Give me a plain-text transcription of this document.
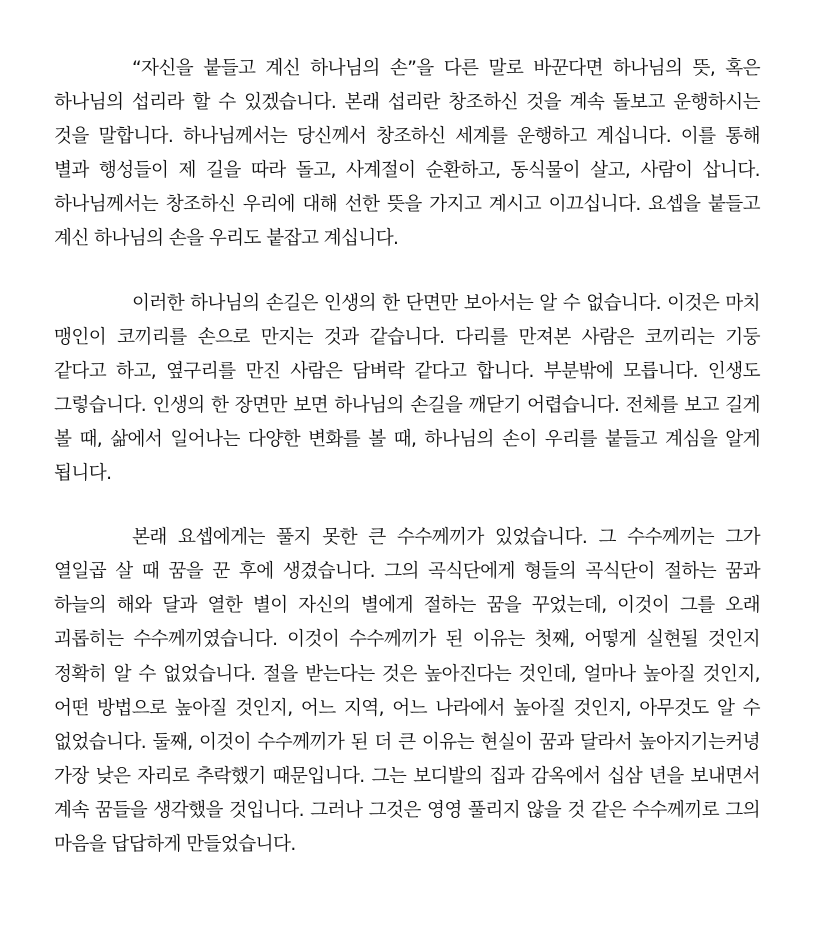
“자신을 붙들고 계신 하나님의 손”을 다른 말로 바꾼다면 하나님의 뜻, 혹은 하나님의 섭리라 할 수 있겠습니다. 본래 섭리란 창조하신 것을 계속 돌보고 운행하시는 것을 말합니다. 하나님께서는 당신께서 창조하신 세계를 운행하고 계십니다. 이를 통해 별과 행성들이 제 길을 따라 돌고, 사계절이 순환하고, 동식물이 살고, 사람이 삽니다. 하나님께서는 창조하신 우리에 대해 선한 뜻을 가지고 계시고 이끄십니다. 요셉을 붙들고 계신 하나님의 손을 우리도 붙잡고 계십니다.

이러한 하나님의 손길은 인생의 한 단면만 보아서는 알 수 없습니다. 이것은 마치 맹인이 코끼리를 손으로 만지는 것과 같습니다. 다리를 만져본 사람은 코끼리는 기둥 같다고 하고, 옆구리를 만진 사람은 담벼락 같다고 합니다. 부분밖에 모릅니다. 인생도 그렇습니다. 인생의 한 장면만 보면 하나님의 손길을 깨닫기 어렵습니다. 전체를 보고 길게 볼 때, 삶에서 일어나는 다양한 변화를 볼 때, 하나님의 손이 우리를 붙들고 계심을 알게 됩니다.

본래 요셉에게는 풀지 못한 큰 수수께끼가 있었습니다. 그 수수께끼는 그가 열일곱 살 때 꿈을 꾼 후에 생겼습니다. 그의 곡식단에게 형들의 곡식단이 절하는 꿈과 하늘의 해와 달과 열한 별이 자신의 별에게 절하는 꿈을 꾸었는데, 이것이 그를 오래 괴롭히는 수수께끼였습니다. 이것이 수수께끼가 된 이유는 첫째, 어떻게 실현될 것인지 정확히 알 수 없었습니다. 절을 받는다는 것은 높아진다는 것인데, 얼마나 높아질 것인지, 어떤 방법으로 높아질 것인지, 어느 지역, 어느 나라에서 높아질 것인지, 아무것도 알 수 없었습니다. 둘째, 이것이 수수께끼가 된 더 큰 이유는 현실이 꿈과 달라서 높아지기는커녕 가장 낮은 자리로 추락했기 때문입니다. 그는 보디발의 집과 감옥에서 십삼 년을 보내면서 계속 꿈들을 생각했을 것입니다. 그러나 그것은 영영 풀리지 않을 것 같은 수수께끼로 그의 마음을 답답하게 만들었습니다.
